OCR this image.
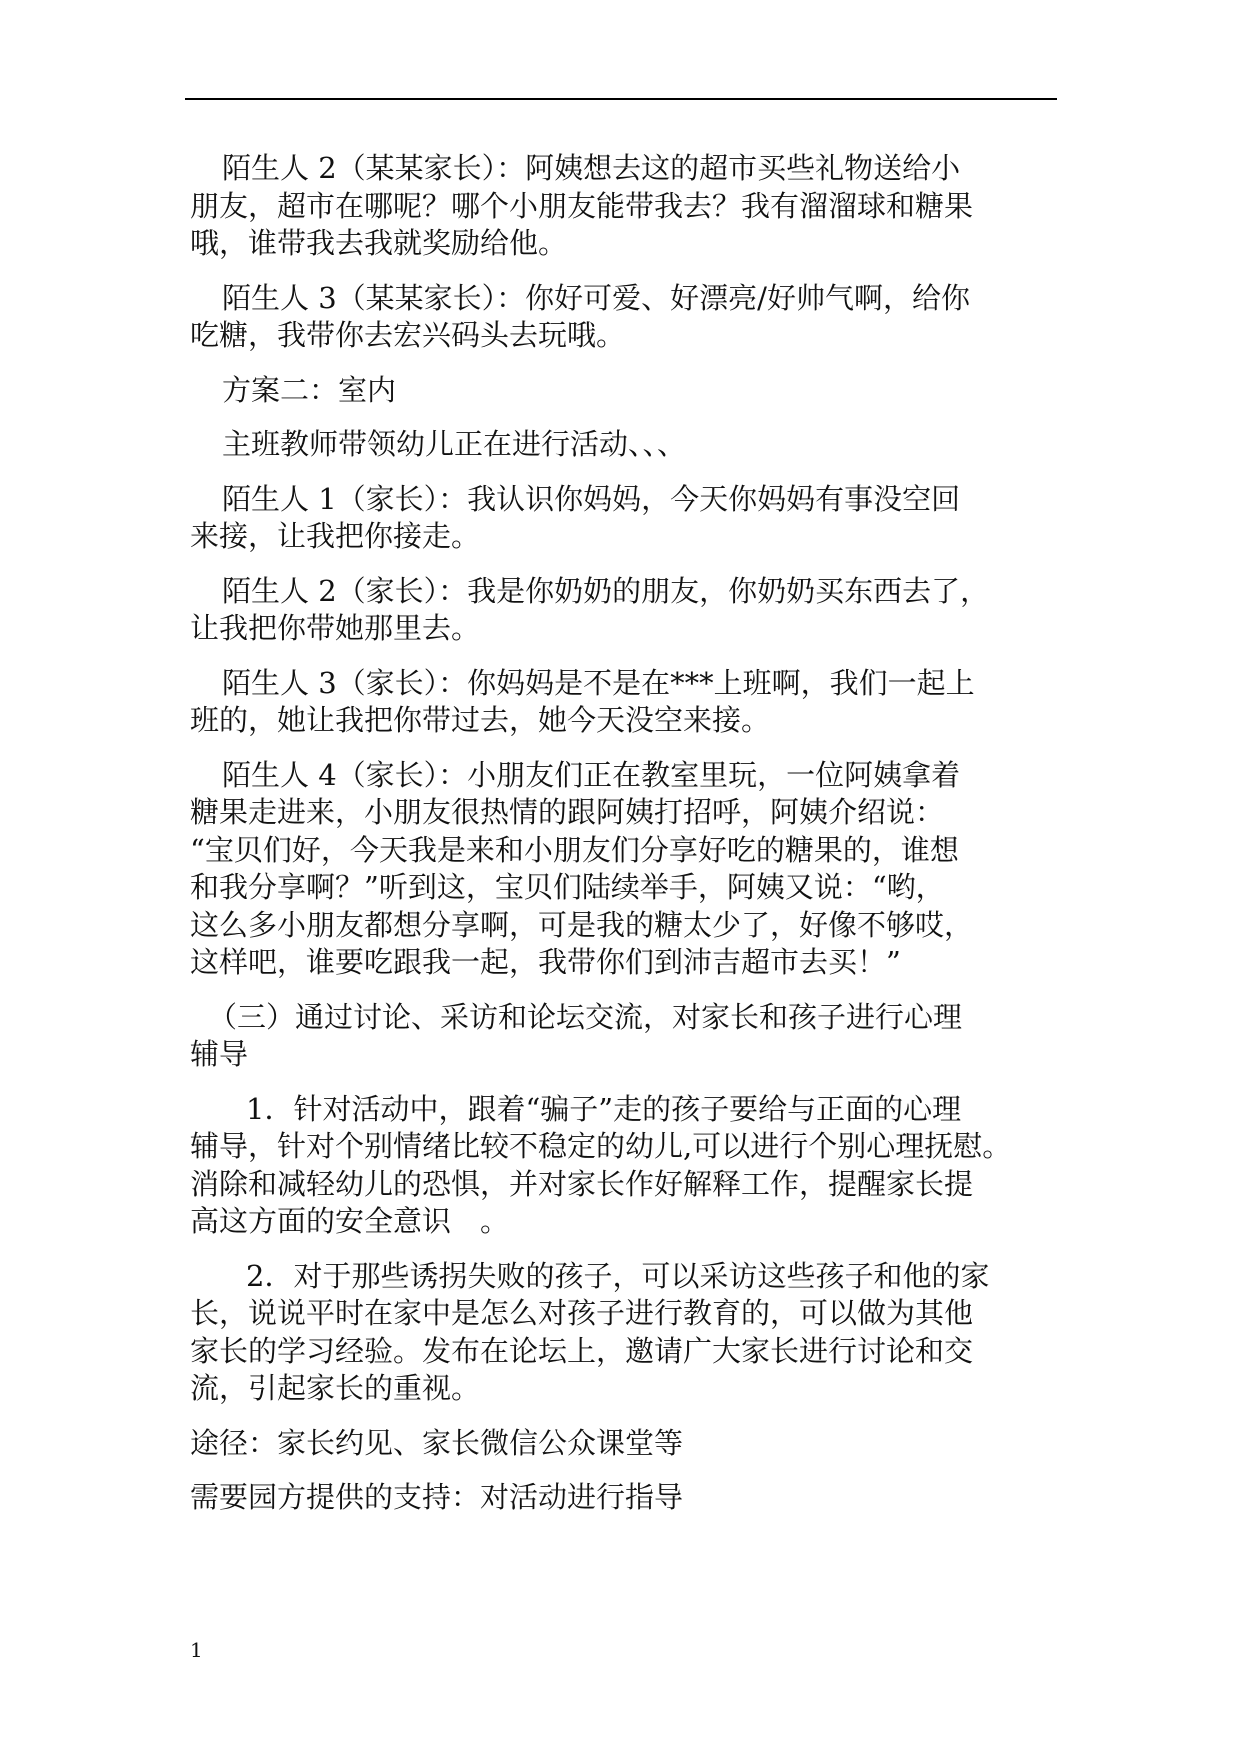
陌生人 2（某某家长）：阿姨想去这的超市买些礼物送给小
朋友，超市在哪呢？哪个小朋友能带我去？我有溜溜球和糖果
哦，谁带我去我就奖励给他。
陌生人 3（某某家长）：你好可爱、好漂亮/好帅气啊，给你
吃糖，我带你去宏兴码头去玩哦。
方案二：室内
主班教师带领幼儿正在进行活动、、、
陌生人 1（家长）：我认识你妈妈，今天你妈妈有事没空回
来接，让我把你接走。
陌生人 2（家长）：我是你奶奶的朋友，你奶奶买东西去了，
让我把你带她那里去。
陌生人 3（家长）：你妈妈是不是在***上班啊，我们一起上
班的，她让我把你带过去，她今天没空来接。
陌生人 4（家长）：小朋友们正在教室里玩，一位阿姨拿着
糖果走进来，小朋友很热情的跟阿姨打招呼，阿姨介绍说：
“宝贝们好，今天我是来和小朋友们分享好吃的糖果的，谁想
和我分享啊？”听到这，宝贝们陆续举手，阿姨又说：“哟，
这么多小朋友都想分享啊，可是我的糖太少了，好像不够哎，
这样吧，谁要吃跟我一起，我带你们到沛吉超市去买！”
（三）通过讨论、采访和论坛交流，对家长和孩子进行心理
辅导
1．针对活动中，跟着“骗子”走的孩子要给与正面的心理
辅导，针对个别情绪比较不稳定的幼儿,可以进行个别心理抚慰。
消除和减轻幼儿的恐惧，并对家长作好解释工作，提醒家长提
高这方面的安全意识　。
2．对于那些诱拐失败的孩子，可以采访这些孩子和他的家
长，说说平时在家中是怎么对孩子进行教育的，可以做为其他
家长的学习经验。发布在论坛上，邀请广大家长进行讨论和交
流，引起家长的重视。
途径：家长约见、家长微信公众课堂等
需要园方提供的支持：对活动进行指导
1
